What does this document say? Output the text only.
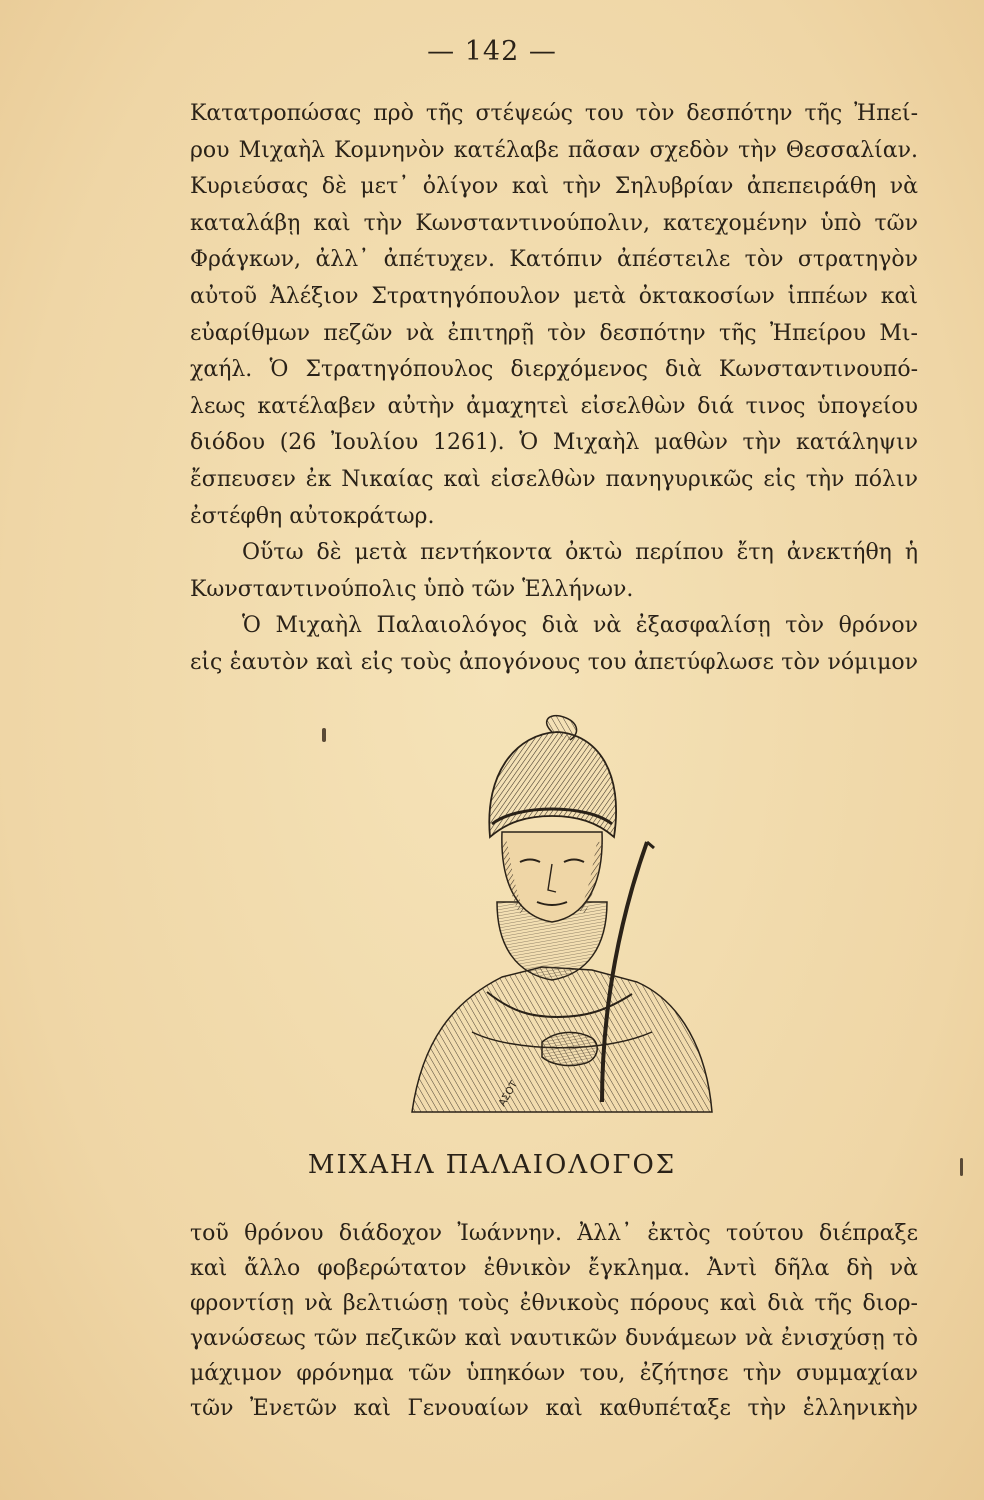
— 142 —
Κατατροπώσας πρὸ τῆς στέψεώς του τὸν δεσπότην τῆς Ἠπεί-
ρου Μιχαὴλ Κομνηνὸν κατέλαβε πᾶσαν σχεδὸν τὴν Θεσσαλίαν.
Κυριεύσας δὲ μετ᾽ ὀλίγον καὶ τὴν Σηλυβρίαν ἀπεπειράθη νὰ
καταλάβῃ καὶ τὴν Κωνσταντινούπολιν, κατεχομένην ὑπὸ τῶν
Φράγκων, ἀλλ᾽ ἀπέτυχεν. Κατόπιν ἀπέστειλε τὸν στρατηγὸν
αὐτοῦ Ἀλέξιον Στρατηγόπουλον μετὰ ὀκτακοσίων ἱππέων καὶ
εὐαρίθμων πεζῶν νὰ ἐπιτηρῇ τὸν δεσπότην τῆς Ἠπείρου Μι-
χαήλ. Ὁ Στρατηγόπουλος διερχόμενος διὰ Κωνσταντινουπό-
λεως κατέλαβεν αὐτὴν ἀμαχητεὶ εἰσελθὼν διά τινος ὑπογείου
διόδου (26 Ἰουλίου 1261). Ὁ Μιχαὴλ μαθὼν τὴν κατάληψιν
ἔσπευσεν ἐκ Νικαίας καὶ εἰσελθὼν πανηγυρικῶς εἰς τὴν πόλιν
ἐστέφθη αὐτοκράτωρ.
Οὕτω δὲ μετὰ πεντήκοντα ὀκτὼ περίπου ἔτη ἀνεκτήθη ἡ
Κωνσταντινούπολις ὑπὸ τῶν Ἑλλήνων.
Ὁ Μιχαὴλ Παλαιολόγος διὰ νὰ ἐξασφαλίσῃ τὸν θρόνον
εἰς ἑαυτὸν καὶ εἰς τοὺς ἀπογόνους του ἀπετύφλωσε τὸν νόμιμον
ΑΣΟΤ
ΜΙΧΑΗΛ ΠΑΛΑΙΟΛΟΓΟΣ
τοῦ θρόνου διάδοχον Ἰωάννην. Ἀλλ᾽ ἐκτὸς τούτου διέπραξε
καὶ ἄλλο φοβερώτατον ἐθνικὸν ἔγκλημα. Ἀντὶ δῆλα δὴ νὰ
φροντίσῃ νὰ βελτιώσῃ τοὺς ἐθνικοὺς πόρους καὶ διὰ τῆς διορ-
γανώσεως τῶν πεζικῶν καὶ ναυτικῶν δυνάμεων νὰ ἐνισχύσῃ τὸ
μάχιμον φρόνημα τῶν ὑπηκόων του, ἐζήτησε τὴν συμμαχίαν
τῶν Ἐνετῶν καὶ Γενουαίων καὶ καθυπέταξε τὴν ἑλληνικὴν
